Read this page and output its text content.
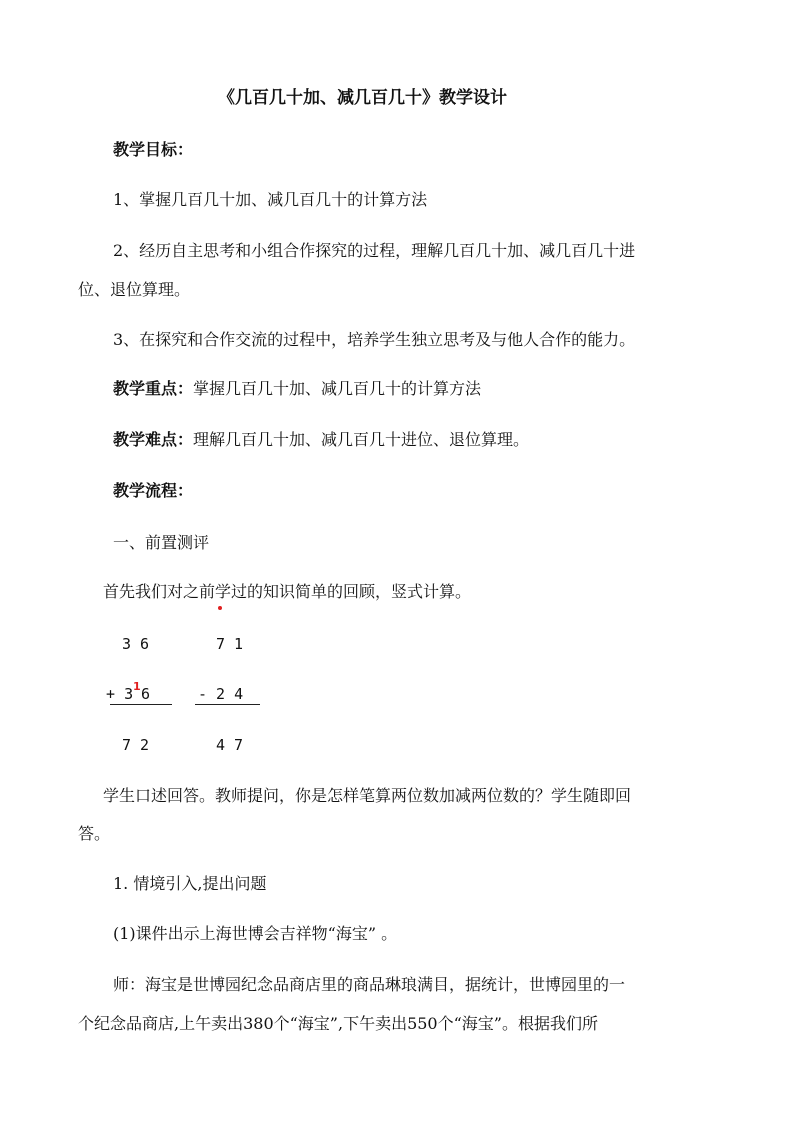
《几百几十加、减几百几十》教学设计
教学目标：
1、掌握几百几十加、减几百几十的计算方法
2、经历自主思考和小组合作探究的过程，理解几百几十加、减几百几十进
位、退位算理。
3、在探究和合作交流的过程中，培养学生独立思考及与他人合作的能力。
教学重点：掌握几百几十加、减几百几十的计算方法
教学难点：理解几百几十加、减几百几十进位、退位算理。
教学流程：
一、前置测评
首先我们对之前学过的知识简单的回顾，竖式计算。
3 6
+ 3 1 6
7 2
7 1
- 2 4
4 7
学生口述回答。教师提问，你是怎样笔算两位数加减两位数的？学生随即回
答。
1. 情境引入,提出问题
(1)课件出示上海世博会吉祥物“海宝” 。
师：海宝是世博园纪念品商店里的商品琳琅满目，据统计，世博园里的一
个纪念品商店,上午卖出380个“海宝”,下午卖出550个“海宝”。根据我们所
